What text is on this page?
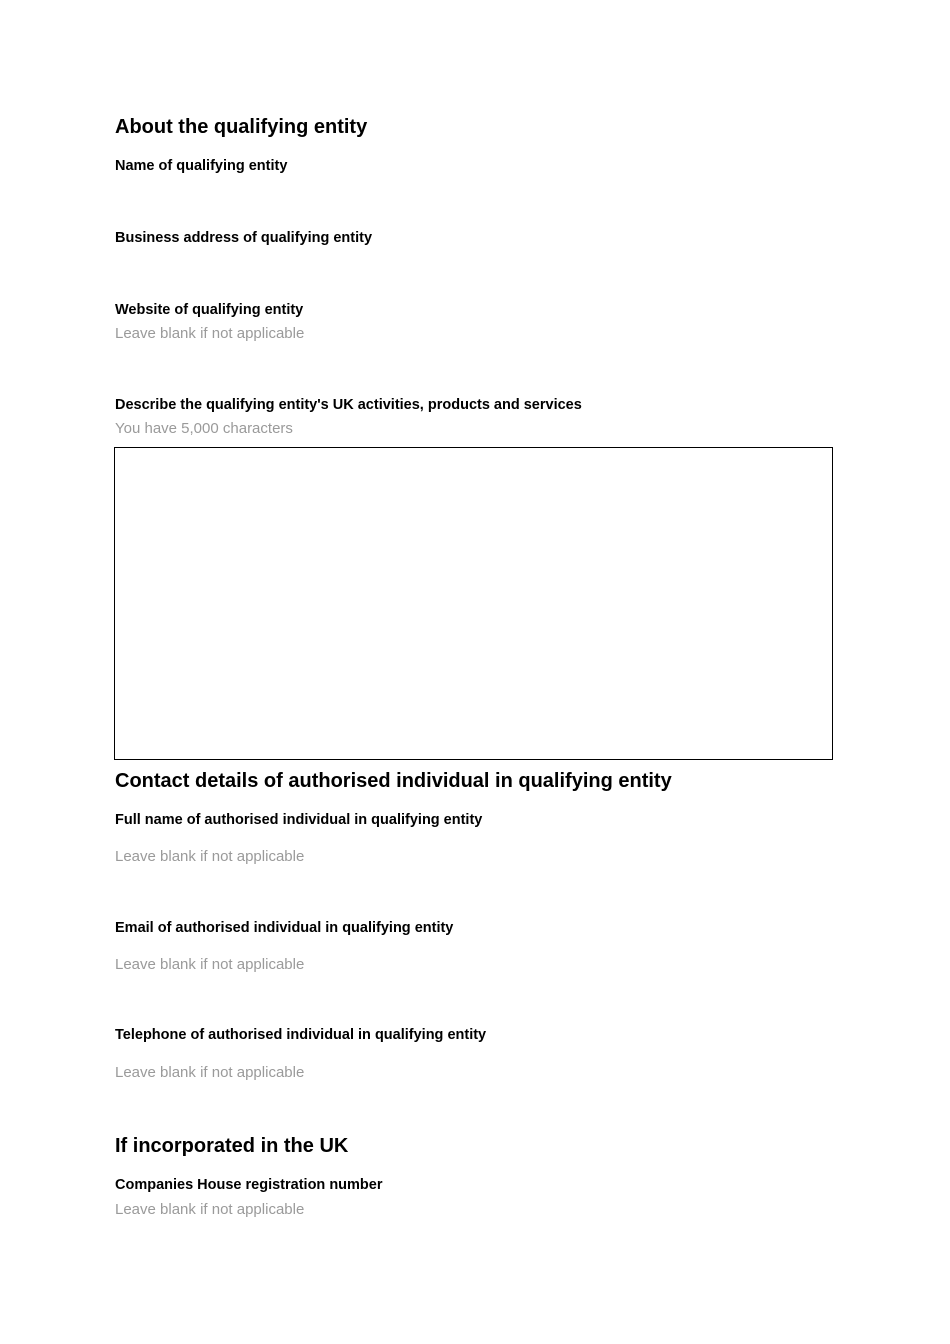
About the qualifying entity
Name of qualifying entity
Business address of qualifying entity
Website of qualifying entity
Leave blank if not applicable
Describe the qualifying entity's UK activities, products and services
You have 5,000 characters
Contact details of authorised individual in qualifying entity
Full name of authorised individual in qualifying entity
Leave blank if not applicable
Email of authorised individual in qualifying entity
Leave blank if not applicable
Telephone of authorised individual in qualifying entity
Leave blank if not applicable
If incorporated in the UK
Companies House registration number
Leave blank if not applicable
